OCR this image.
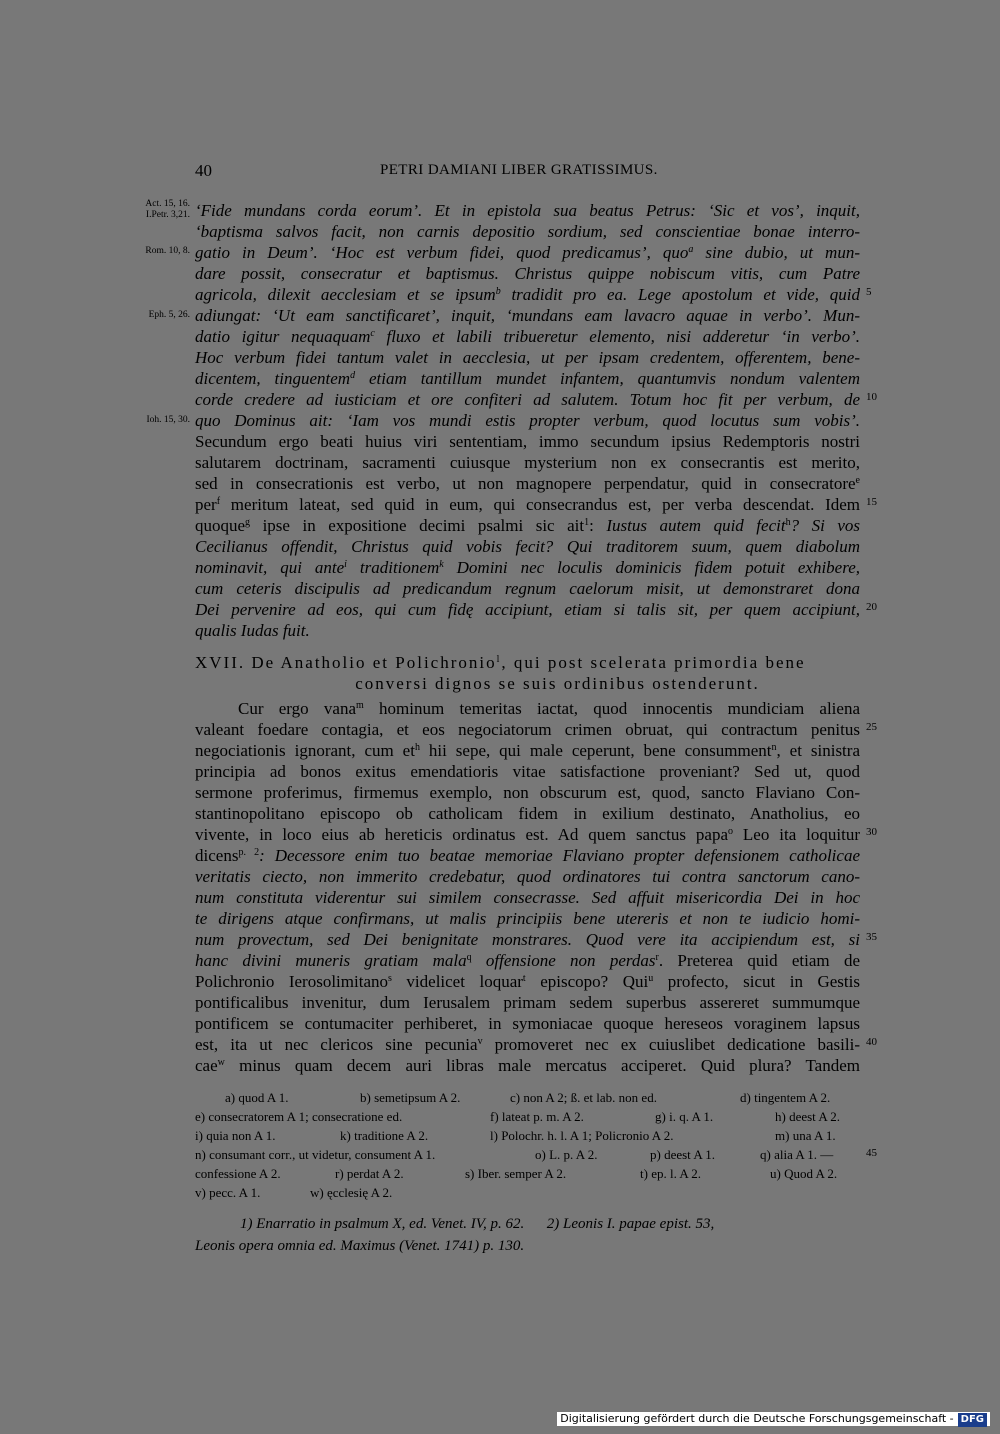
40	PETRI DAMIANI LIBER GRATISSIMUS.
Act. 15, 16.
I.Petr. 3,21.
Rom. 10, 8.
Eph. 5, 26.
Ioh. 15, 30.
5
10
15
20
25
30
35
40
45
‘Fide mundans corda eorum’. Et in epistola sua beatus Petrus: ‘Sic et vos’, inquit,
‘baptisma salvos facit, non carnis depositio sordium, sed conscientiae bonae interro-
gatio in Deum’. ‘Hoc est verbum fidei, quod predicamus’, quo$^a$ sine dubio, ut mun-
dare possit, consecratur et baptismus. Christus quippe nobiscum vitis, cum Patre
agricola, dilexit aecclesiam et se ipsum$^b$ tradidit pro ea. Lege apostolum et vide, quid
adiungat: ‘Ut eam sanctificaret’, inquit, ‘mundans eam lavacro aquae in verbo’. Mun-
datio igitur nequaquam$^c$ fluxo et labili tribueretur elemento, nisi adderetur ‘in verbo’.
Hoc verbum fidei tantum valet in aecclesia, ut per ipsam credentem, offerentem, bene-
dicentem, tinguentem$^d$ etiam tantillum mundet infantem, quantumvis nondum valentem
corde credere ad iusticiam et ore confiteri ad salutem. Totum hoc fit per verbum, de
quo Dominus ait: ‘Iam vos mundi estis propter verbum, quod locutus sum vobis’.
Secundum ergo beati huius viri sententiam, immo secundum ipsius Redemptoris nostri
salutarem doctrinam, sacramenti cuiusque mysterium non ex consecrantis est merito,
sed in consecrationis est verbo, ut non magnopere perpendatur, quid in consecratore$^e$
per$^f$ meritum lateat, sed quid in eum, qui consecrandus est, per verba descendat. Idem
quoque$^g$ ipse in expositione decimi psalmi sic ait$^1$: Iustus autem quid fecit$^h$? Si vos
Cecilianus offendit, Christus quid vobis fecit? Qui traditorem suum, quem diabolum
nominavit, qui ante$^i$ traditionem$^k$ Domini nec loculis dominicis fidem potuit exhibere,
cum ceteris discipulis ad predicandum regnum caelorum misit, ut demonstraret dona
Dei pervenire ad eos, qui cum fidę accipiunt, etiam si talis sit, per quem accipiunt,
qualis Iudas fuit.
XVII. De Anatholio et Polichronio$^l$, qui post scelerata primordia bene
conversi dignos se suis ordinibus ostenderunt.
Cur ergo vana$^m$ hominum temeritas iactat, quod innocentis mundiciam aliena
valeant foedare contagia, et eos negociatorum crimen obruat, qui contractum penitus
negociationis ignorant, cum $et^h$ hii sepe, qui male ceperunt, bene consumment$^n$, et sinistra
principia ad bonos exitus emendatioris vitae satisfactione proveniant? Sed ut, quod
sermone proferimus, firmemus exemplo, non obscurum est, quod, sancto Flaviano Con-
stantinopolitano episcopo ob catholicam fidem in exilium destinato, Anatholius, eo
vivente, in loco eius ab hereticis ordinatus est. Ad quem sanctus papa$^o$ Leo ita loquitur
dicens$^{p. 2}$: Decessore enim tuo beatae memoriae Flaviano propter defensionem catholicae
veritatis ciecto, non immerito credebatur, quod ordinatores tui contra sanctorum cano-
num constituta viderentur sui similem consecrasse. Sed affuit misericordia Dei in hoc
te dirigens atque confirmans, ut malis principiis bene utereris et non te iudicio homi-
num provectum, sed Dei benignitate monstrares. Quod vere ita accipiendum est, si
hanc divini muneris gratiam mala$^q$ offensione non perdas$^r$. Preterea quid etiam de
Polichronio Ierosolimitano$^s$ videlicet loquar$^t$ episcopo? Qui$^u$ profecto, sicut in Gestis
pontificalibus invenitur, dum Ierusalem primam sedem superbus assereret summumque
pontificem se contumaciter perhiberet, in symoniacae quoque hereseos voraginem lapsus
est, ita ut nec clericos sine pecunia$^v$ promoveret nec ex cuiuslibet dedicatione basili-
cae$^w$ minus quam decem auri libras male mercatus acciperet. Quid plura? Tandem
a) quod A 1.	b) semetipsum A 2.	c) non A 2; ß. et lab. non ed.	d) tingentem A 2.
e) consecratorem A 1; consecratione ed.	f) lateat p. m. A 2.	g) i. q. A 1.	h) deest A 2.
i) quia non A 1.	k) traditione A 2.	l) Polochr. h. l. A 1; Policronio A 2.	m) una A 1.
n) consumant corr., ut videtur, consument A 1.	o) L. p. A 2.	p) deest A 1.	q) alia A 1. —
confessione A 2.	r) perdat A 2.	s) Iber. semper A 2.	t) ep. l. A 2.	u) Quod A 2.
v) pecc. A 1.	w) ęcclesię A 2.
1) Enarratio in psalmum X, ed. Venet. IV, p. 62.      2) Leonis I. papae epist. 53,
Leonis opera omnia ed. Maximus (Venet. 1741) p. 130.
Digitalisierung gefördert durch die Deutsche Forschungsgemeinschaft - DFG
